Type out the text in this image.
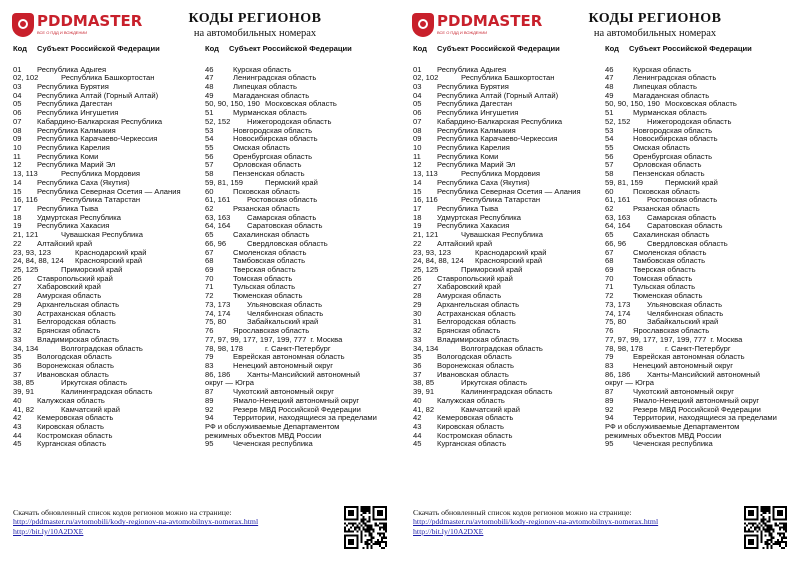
PDDMASTER
ВСЕ О ПДД И ВОЖДЕНИИ
КОДЫ РЕГИОНОВ
на автомобильных номерах
Код Субъект Российской Федерации	Код Субъект Российской Федерации
01 Республика Адыгея
02, 102	Республика Башкортостан
03 Республика Бурятия
04 Республика Алтай (Горный Алтай)
05 Республика Дагестан
06 Республика Ингушетия
07 Кабардино-Балкарская Республика
08 Республика Калмыкия
09 Республика Карачаево-Черкессия
10 Республика Карелия
11 Республика Коми
12 Республика Марий Эл
13, 113	Республика Мордовия
14 Республика Саха (Якутия)
15 Республика Северная Осетия — Алания
16, 116	Республика Татарстан
17 Республика Тыва
18 Удмуртская Республика
19 Республика Хакасия
21, 121	Чувашская Республика
22 Алтайский край
23, 93, 123	Краснодарский край
24, 84, 88, 124 Красноярский край
25, 125	Приморский край
26 Ставропольский край
27 Хабаровский край
28 Амурская область
29 Архангельская область
30 Астраханская область
31 Белгородская область
32 Брянская область
33 Владимирская область
34, 134	Волгоградская область
35 Вологодская область
36 Воронежская область
37 Ивановская область
38, 85	Иркутская область
39, 91	Калининградская область
40 Калужская область
41, 82	Камчатский край
42 Кемеровская область
43 Кировская область
44 Костромская область
45 Курганская область
46	Курская область
47	Ленинградская область
48	Липецкая область
49	Магаданская область
50, 90, 150, 190 Московская область
51	Мурманская область
52, 152 Нижегородская область
53	Новгородская область
54	Новосибирская область
55	Омская область
56	Оренбургская область
57	Орловская область
58	Пензенская область
59, 81, 159	Пермский край
60	Псковская область
61, 161 Ростовская область
62	Рязанская область
63, 163 Самарская область
64, 164 Саратовская область
65	Сахалинская область
66, 96	Свердловская область
67	Смоленская область
68	Тамбовская область
69	Тверская область
70	Томская область
71	Тульская область
72	Тюменская область
73, 173 Ульяновская область
74, 174 Челябинская область
75, 80	Забайкальский край
76	Ярославская область
77, 97, 99, 177, 197, 199, 777 г. Москва
78, 98, 178	г. Санкт-Петербург
79	Еврейская автономная область
83	Ненецкий автономный округ
86, 186 Ханты-Мансийский автономный
округ — Югра
87	Чукотский автономный округ
89	Ямало-Ненецкий автономный округ
92	Резерв МВД Российской Федерации
94	Территории, находящиеся за пределами
РФ и обслуживаемые Департаментом
режимных объектов МВД России
95	Чеченская республика
Скачать обновленный список кодов регионов можно на странице:
http://pddmaster.ru/avtomobili/kody-regionov-na-avtomobilnyx-nomerax.html
http://bit.ly/10A2DXE
PDDMASTER
ВСЕ О ПДД И ВОЖДЕНИИ
КОДЫ РЕГИОНОВ
на автомобильных номерах
Код Субъект Российской Федерации	Код Субъект Российской Федерации
01 Республика Адыгея
02, 102	Республика Башкортостан
03 Республика Бурятия
04 Республика Алтай (Горный Алтай)
05 Республика Дагестан
06 Республика Ингушетия
07 Кабардино-Балкарская Республика
08 Республика Калмыкия
09 Республика Карачаево-Черкессия
10 Республика Карелия
11 Республика Коми
12 Республика Марий Эл
13, 113	Республика Мордовия
14 Республика Саха (Якутия)
15 Республика Северная Осетия — Алания
16, 116	Республика Татарстан
17 Республика Тыва
18 Удмуртская Республика
19 Республика Хакасия
21, 121	Чувашская Республика
22 Алтайский край
23, 93, 123	Краснодарский край
24, 84, 88, 124 Красноярский край
25, 125	Приморский край
26 Ставропольский край
27 Хабаровский край
28 Амурская область
29 Архангельская область
30 Астраханская область
31 Белгородская область
32 Брянская область
33 Владимирская область
34, 134	Волгоградская область
35 Вологодская область
36 Воронежская область
37 Ивановская область
38, 85	Иркутская область
39, 91	Калининградская область
40 Калужская область
41, 82	Камчатский край
42 Кемеровская область
43 Кировская область
44 Костромская область
45 Курганская область
46	Курская область
47	Ленинградская область
48	Липецкая область
49	Магаданская область
50, 90, 150, 190 Московская область
51	Мурманская область
52, 152 Нижегородская область
53	Новгородская область
54	Новосибирская область
55	Омская область
56	Оренбургская область
57	Орловская область
58	Пензенская область
59, 81, 159	Пермский край
60	Псковская область
61, 161 Ростовская область
62	Рязанская область
63, 163 Самарская область
64, 164 Саратовская область
65	Сахалинская область
66, 96	Свердловская область
67	Смоленская область
68	Тамбовская область
69	Тверская область
70	Томская область
71	Тульская область
72	Тюменская область
73, 173 Ульяновская область
74, 174 Челябинская область
75, 80	Забайкальский край
76	Ярославская область
77, 97, 99, 177, 197, 199, 777 г. Москва
78, 98, 178	г. Санкт-Петербург
79	Еврейская автономная область
83	Ненецкий автономный округ
86, 186 Ханты-Мансийский автономный
округ — Югра
87	Чукотский автономный округ
89	Ямало-Ненецкий автономный округ
92	Резерв МВД Российской Федерации
94	Территории, находящиеся за пределами
РФ и обслуживаемые Департаментом
режимных объектов МВД России
95	Чеченская республика
Скачать обновленный список кодов регионов можно на странице:
http://pddmaster.ru/avtomobili/kody-regionov-na-avtomobilnyx-nomerax.html
http://bit.ly/10A2DXE
